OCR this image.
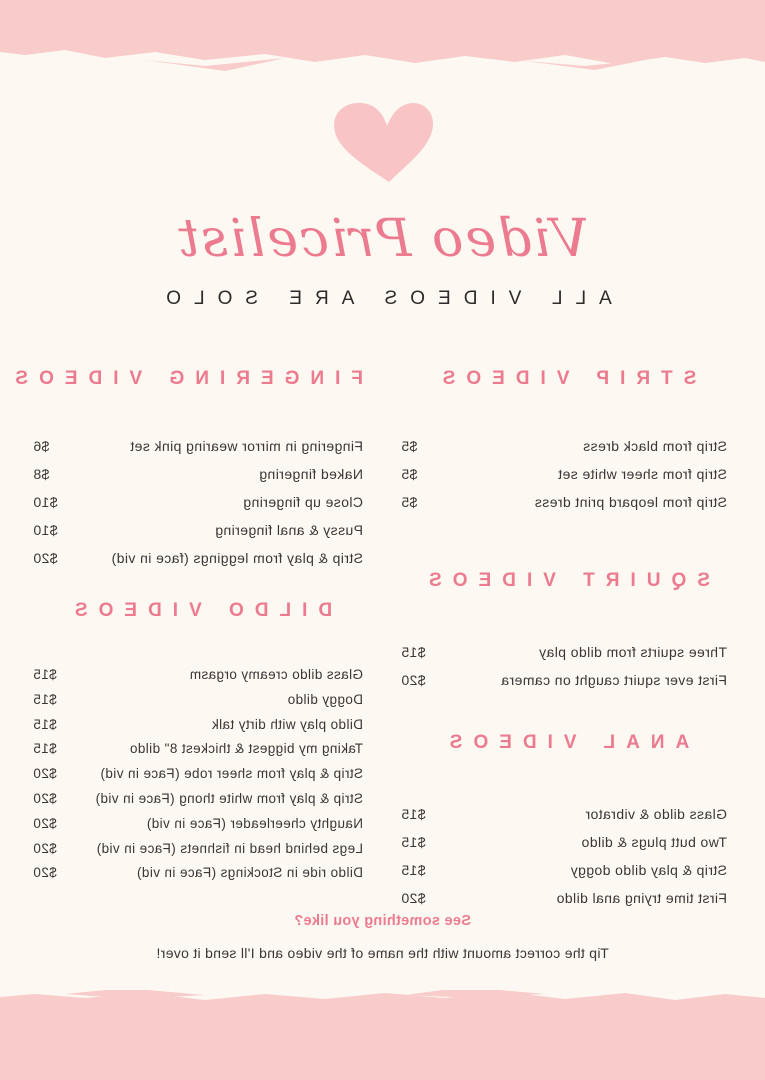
Video Pricelist
ALL VIDEOS ARE SOLO
FINGERING VIDEOS
Fingering in mirror wearing pink set
$6
Naked fingering
$8
Close up fingering
$10
Pussy & anal fingering
$10
Strip & play from leggings (face in vid)
$20
DILDO VIDEOS
Glass dildo creamy orgasm
$15
Doggy dildo
$15
Dildo play with dirty talk
$15
Taking my biggest & thickest 8" dildo
$15
Strip & play from sheer robe (Face in vid)
$20
Strip & play from white thong (Face in vid)
$20
Naughty cheerleader (Face in vid)
$20
Legs behind head in fishnets (Face in vid)
$20
Dildo ride in Stockings (Face in vid)
$20
STRIP VIDEOS
Strip from black dress
$5
Strip from sheer white set
$5
Strip from leopard print dress
$5
SQUIRT VIDEOS
Three squirts from dildo play
$15
First ever squirt caught on camera
$20
ANAL VIDEOS
Glass dildo & vibrator
$15
Two butt plugs & dildo
$15
Strip & play dildo doggy
$15
First time trying anal dildo
$20
See something you like?
Tip the correct amount with the name of the video and I'll send it over!
